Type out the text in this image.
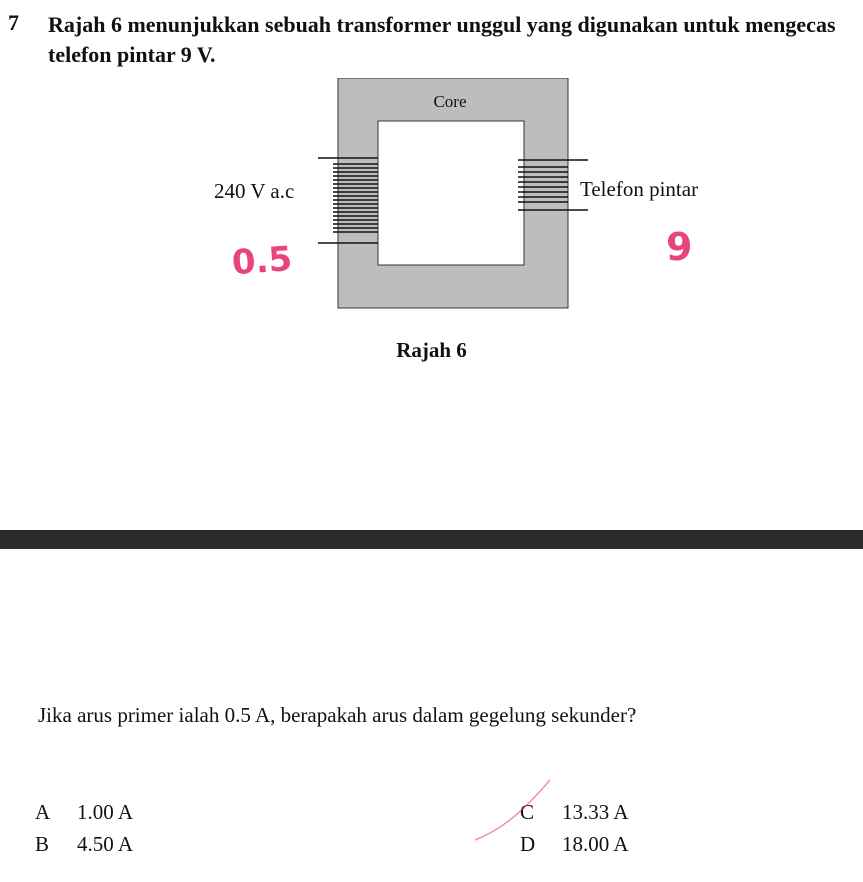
7 Rajah 6 menunjukkan sebuah transformer unggul yang digunakan untuk mengecas telefon pintar 9 V.
Core
240 V a.c	Telefon pintar
0.5	9
Rajah 6
Jika arus primer ialah 0.5 A, berapakah arus dalam gegelung sekunder?
A 1.00 A
B 4.50 A
C 13.33 A
D 18.00 A
